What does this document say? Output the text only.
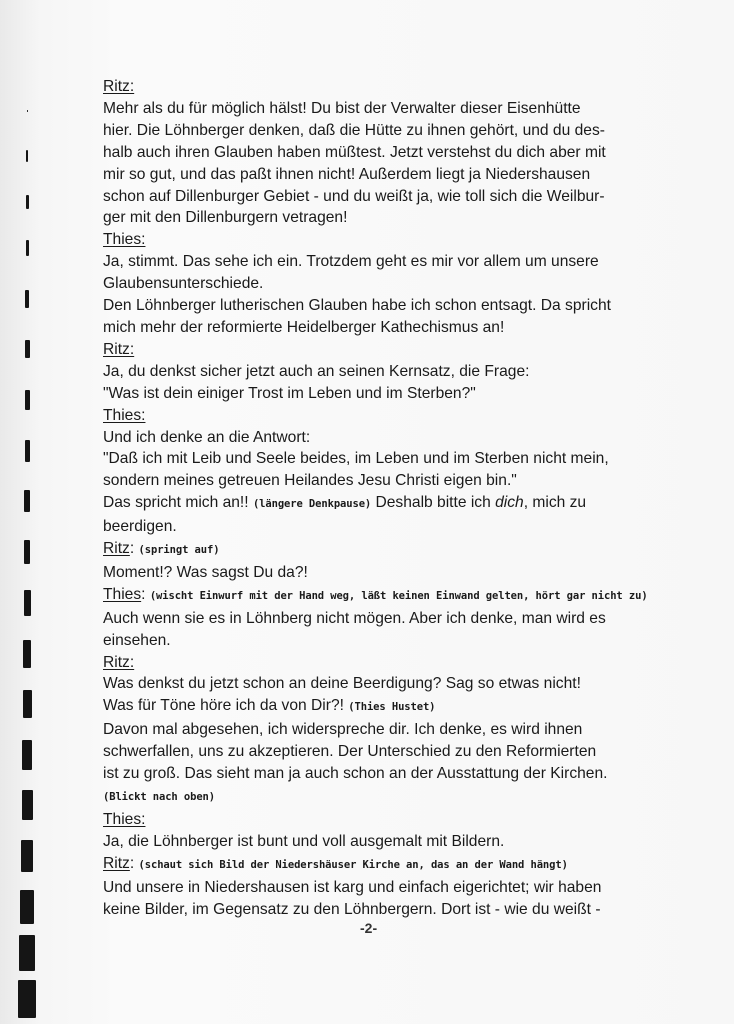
Ritz:
Mehr als du für möglich hälst! Du bist der Verwalter dieser Eisenhütte
hier. Die Löhnberger denken, daß die Hütte zu ihnen gehört, und du des-
halb auch ihren Glauben haben müßtest. Jetzt verstehst du dich aber mit
mir so gut, und das paßt ihnen nicht! Außerdem liegt ja Niedershausen
schon auf Dillenburger Gebiet - und du weißt ja, wie toll sich die Weilbur-
ger mit den Dillenburgern vetragen!
Thies:
Ja, stimmt. Das sehe ich ein. Trotzdem geht es mir vor allem um unsere
Glaubensunterschiede.
Den Löhnberger lutherischen Glauben habe ich schon entsagt. Da spricht
mich mehr der reformierte Heidelberger Kathechismus an!
Ritz:
Ja, du denkst sicher jetzt auch an seinen Kernsatz, die Frage:
"Was ist dein einiger Trost im Leben und im Sterben?"
Thies:
Und ich denke an die Antwort:
"Daß ich mit Leib und Seele beides, im Leben und im Sterben nicht mein,
sondern meines getreuen Heilandes Jesu Christi eigen bin."
Das spricht mich an!! (längere Denkpause) Deshalb bitte ich dich, mich zu
beerdigen.
Ritz: (springt auf)
Moment!? Was sagst Du da?!
Thies: (wischt Einwurf mit der Hand weg, läßt keinen Einwand gelten, hört gar nicht zu)
Auch wenn sie es in Löhnberg nicht mögen. Aber ich denke, man wird es
einsehen.
Ritz:
Was denkst du jetzt schon an deine Beerdigung? Sag so etwas nicht!
Was für Töne höre ich da von Dir?! (Thies Hustet)
Davon mal abgesehen, ich widerspreche dir. Ich denke, es wird ihnen
schwerfallen, uns zu akzeptieren. Der Unterschied zu den Reformierten
ist zu groß. Das sieht man ja auch schon an der Ausstattung der Kirchen.
(Blickt nach oben)
Thies:
Ja, die Löhnberger ist bunt und voll ausgemalt mit Bildern.
Ritz: (schaut sich Bild der Niedershäuser Kirche an, das an der Wand hängt)
Und unsere in Niedershausen ist karg und einfach eigerichtet; wir haben
keine Bilder, im Gegensatz zu den Löhnbergern. Dort ist - wie du weißt -
-2-
